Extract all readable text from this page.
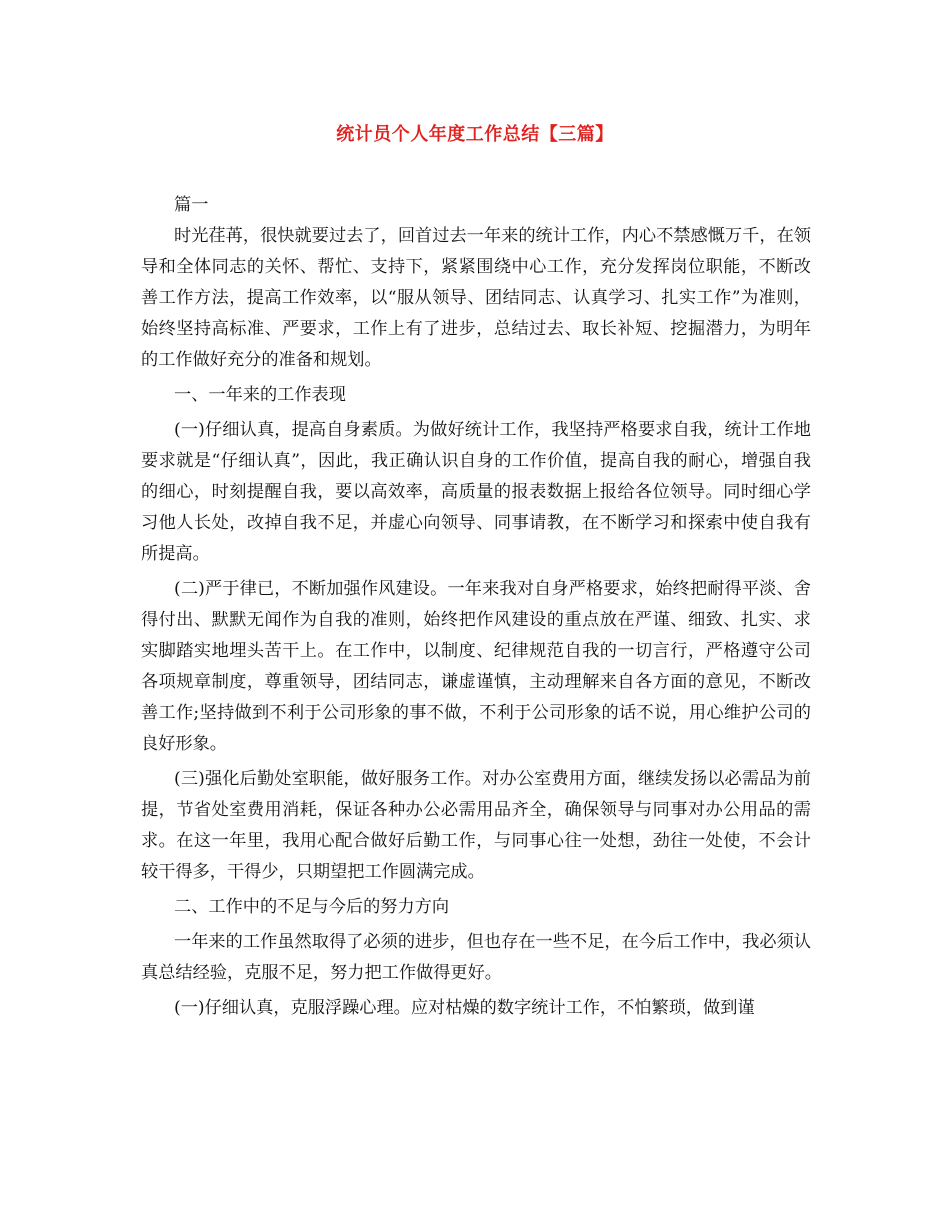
统计员个人年度工作总结【三篇】

篇一

时光荏苒，很快就要过去了，回首过去一年来的统计工作，内心不禁感慨万千，在领导和全体同志的关怀、帮忙、支持下，紧紧围绕中心工作，充分发挥岗位职能，不断改善工作方法，提高工作效率，以“服从领导、团结同志、认真学习、扎实工作”为准则，始终坚持高标准、严要求，工作上有了进步，总结过去、取长补短、挖掘潜力，为明年的工作做好充分的准备和规划。

一、一年来的工作表现

(一)仔细认真，提高自身素质。为做好统计工作，我坚持严格要求自我，统计工作地要求就是“仔细认真”，因此，我正确认识自身的工作价值，提高自我的耐心，增强自我的细心，时刻提醒自我，要以高效率，高质量的报表数据上报给各位领导。同时细心学习他人长处，改掉自我不足，并虚心向领导、同事请教，在不断学习和探索中使自我有所提高。

(二)严于律已，不断加强作风建设。一年来我对自身严格要求，始终把耐得平淡、舍得付出、默默无闻作为自我的准则，始终把作风建设的重点放在严谨、细致、扎实、求实脚踏实地埋头苦干上。在工作中，以制度、纪律规范自我的一切言行，严格遵守公司各项规章制度，尊重领导，团结同志，谦虚谨慎，主动理解来自各方面的意见，不断改善工作;坚持做到不利于公司形象的事不做，不利于公司形象的话不说，用心维护公司的良好形象。

(三)强化后勤处室职能，做好服务工作。对办公室费用方面，继续发扬以必需品为前提，节省处室费用消耗，保证各种办公必需用品齐全，确保领导与同事对办公用品的需求。在这一年里，我用心配合做好后勤工作，与同事心往一处想，劲往一处使，不会计较干得多，干得少，只期望把工作圆满完成。

二、工作中的不足与今后的努力方向

一年来的工作虽然取得了必须的进步，但也存在一些不足，在今后工作中，我必须认真总结经验，克服不足，努力把工作做得更好。

(一)仔细认真，克服浮躁心理。应对枯燥的数字统计工作，不怕繁琐，做到谨
